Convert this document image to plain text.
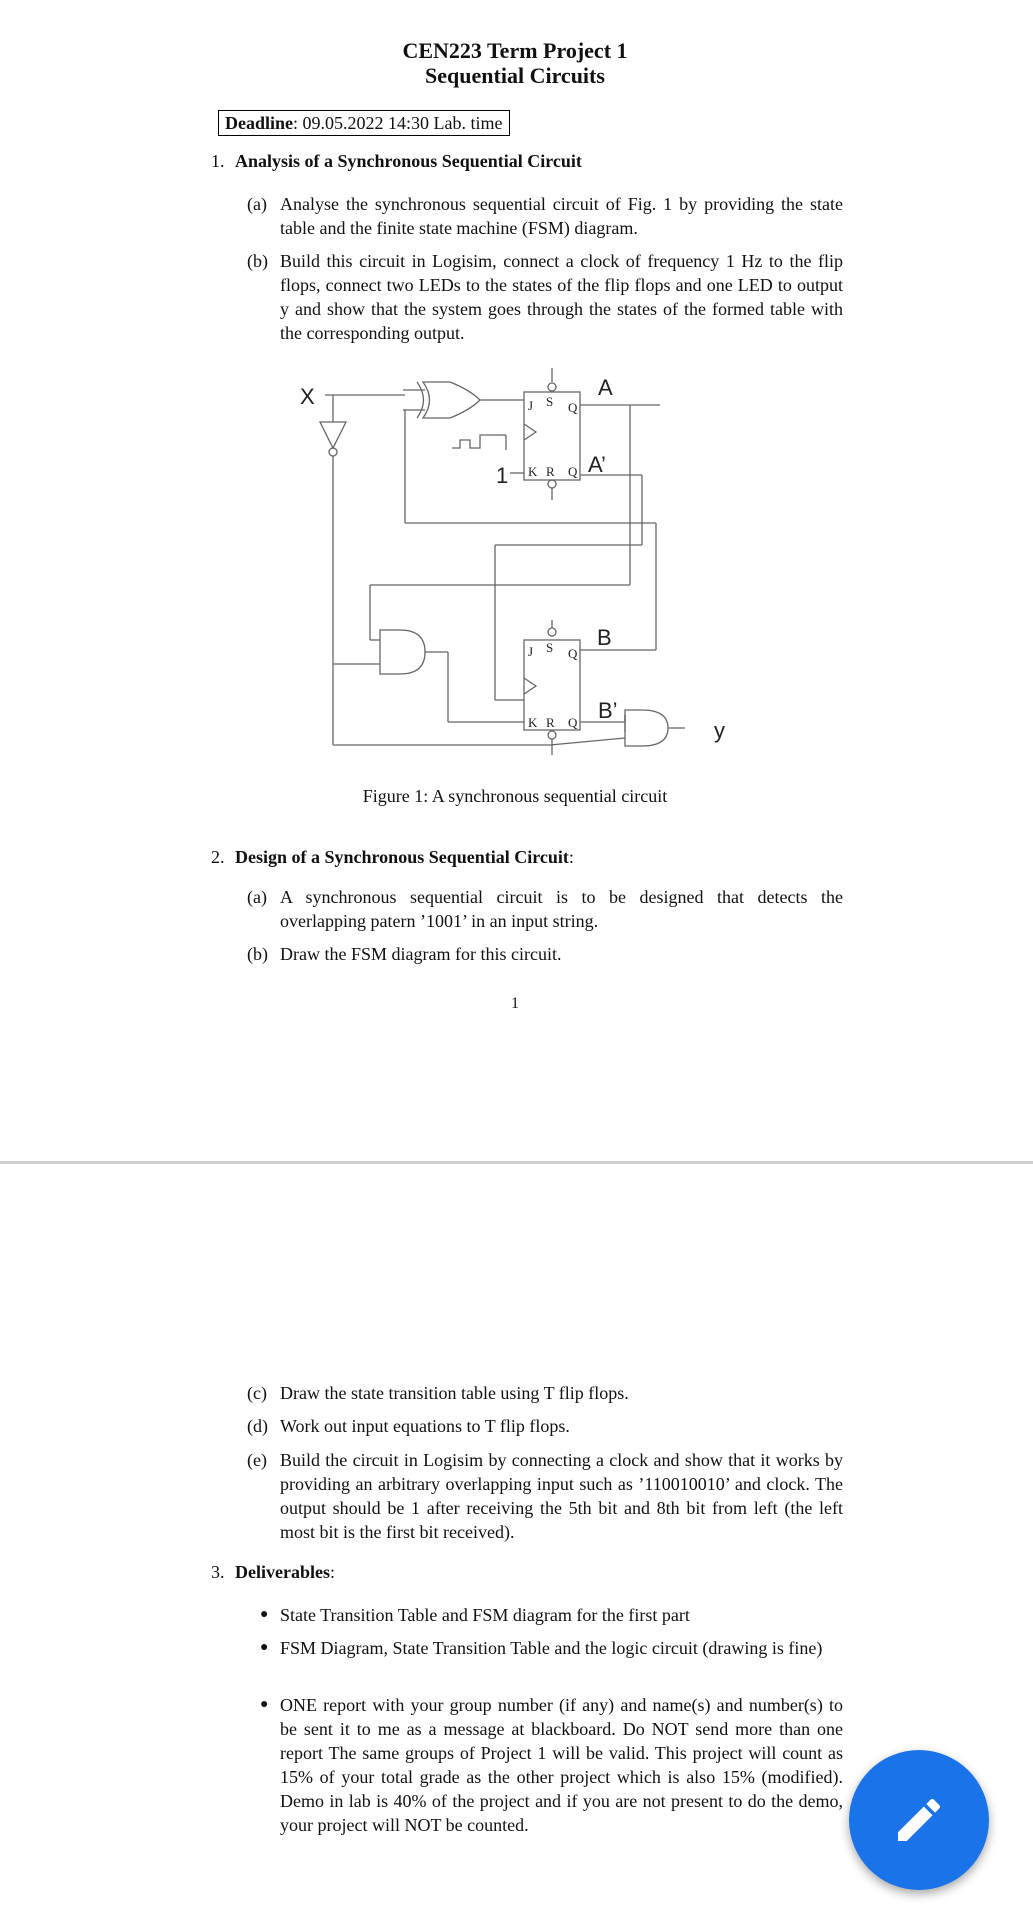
CEN223 Term Project 1
Sequential Circuits
Deadline: 09.05.2022 14:30 Lab. time
1. Analysis of a Synchronous Sequential Circuit
(a) Analyse the synchronous sequential circuit of Fig. 1 by providing the state table and the finite state machine (FSM) diagram.
(b) Build this circuit in Logisim, connect a clock of frequency 1 Hz to the flip flops, connect two LEDs to the states of the flip flops and one LED to output y and show that the system goes through the states of the formed table with the corresponding output.
J S Q
K R Q
J S Q
K R Q
X	A
A’
1
B
B’
y
Figure 1: A synchronous sequential circuit
2. Design of a Synchronous Sequential Circuit:
(a) A synchronous sequential circuit is to be designed that detects the overlapping patern ’1001’ in an input string.
(b) Draw the FSM diagram for this circuit.
1
(c) Draw the state transition table using T flip flops.
(d) Work out input equations to T flip flops.
(e) Build the circuit in Logisim by connecting a clock and show that it works by providing an arbitrary overlapping input such as ’110010010’ and clock. The output should be 1 after receiving the 5th bit and 8th bit from left (the left most bit is the first bit received).
3. Deliverables:
● State Transition Table and FSM diagram for the first part
● FSM Diagram, State Transition Table and the logic circuit (drawing is fine)
● ONE report with your group number (if any) and name(s) and number(s) to be sent it to me as a message at blackboard. Do NOT send more than one report The same groups of Project 1 will be valid. This project will count as 15% of your total grade as the other project which is also 15% (modified). Demo in lab is 40% of the project and if you are not present to do the demo, your project will NOT be counted.
